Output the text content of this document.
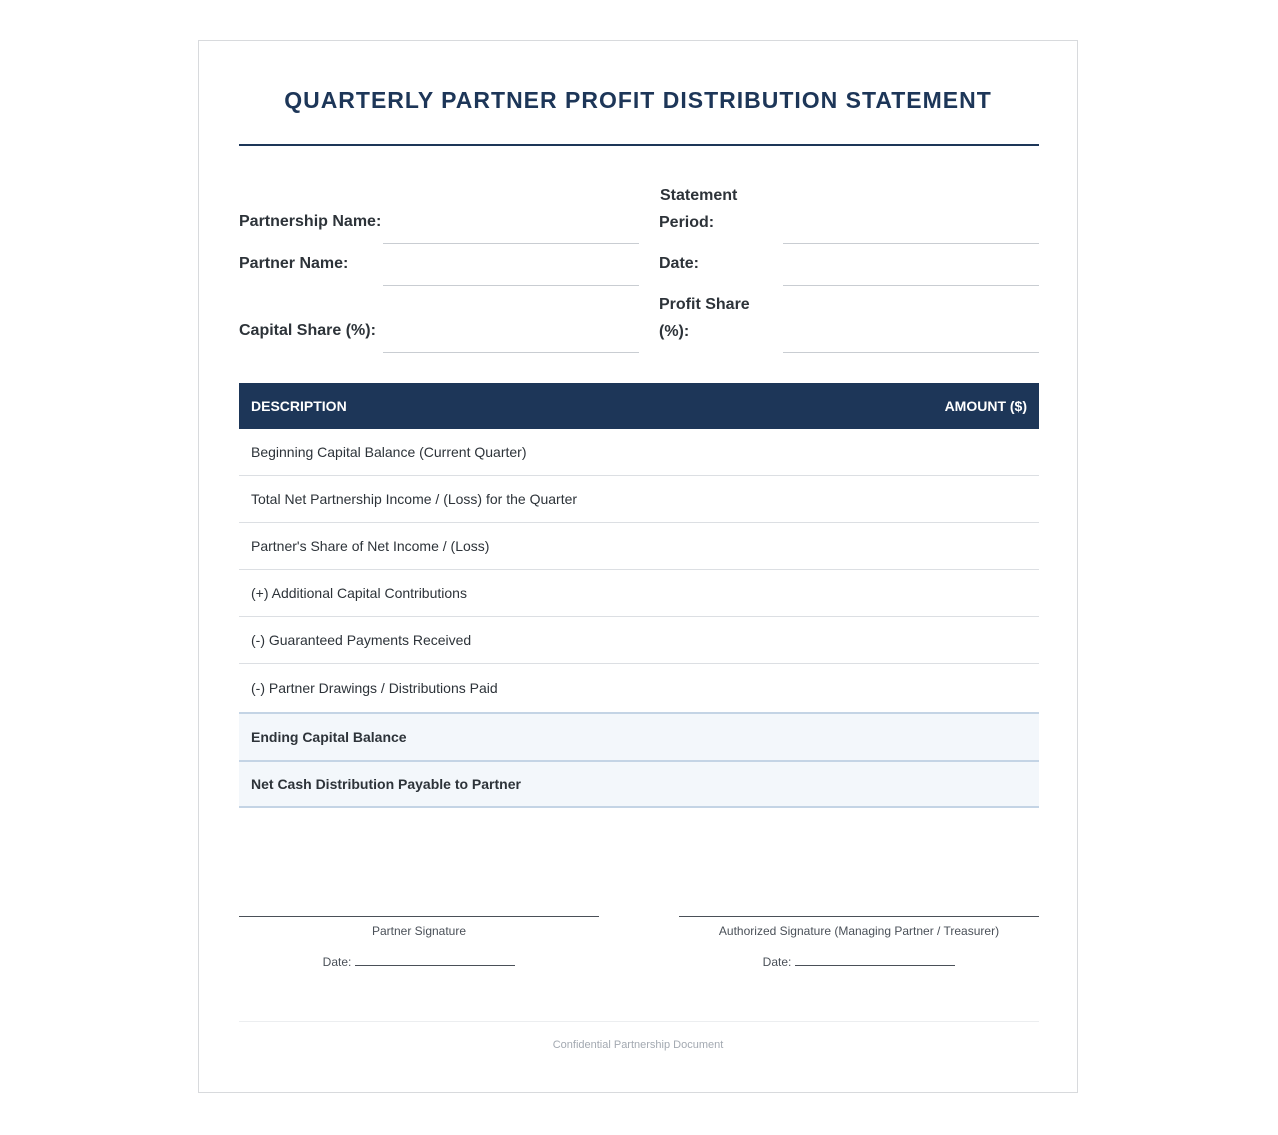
QUARTERLY PARTNER PROFIT DISTRIBUTION STATEMENT
Partnership Name:
Partner Name:
Capital Share (%):
Statement
Period:
Date:
Profit Share
(%):
DESCRIPTION	AMOUNT ($)
Beginning Capital Balance (Current Quarter)
Total Net Partnership Income / (Loss) for the Quarter
Partner's Share of Net Income / (Loss)
(+) Additional Capital Contributions
(-) Guaranteed Payments Received
(-) Partner Drawings / Distributions Paid
Ending Capital Balance
Net Cash Distribution Payable to Partner
Partner Signature
Date:
Authorized Signature (Managing Partner / Treasurer)
Date:
Confidential Partnership Document
